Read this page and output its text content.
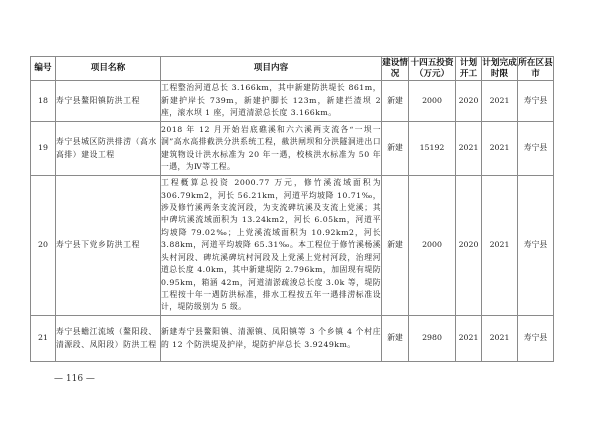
编号	项目名称	项目内容	建设情况	十四五投资（万元）	计划开工	计划完成时限	所在区县市
18	寿宁县鳌阳镇防洪工程	工程整治河道总长 3.166km，其中新建防洪堤长 861m，新建护岸长 739m，新建护脚长 123m，新建拦渣坝 2 座，滚水坝 1 座，河道清淤总长度 3.166km。	新建	2000	2020	2021	寿宁县
19	寿宁县城区防洪排涝（高水高排）建设工程	2018 年 12 月开始岩底礁溪和六六溪两支流各“一坝一洞”高水高排截洪分洪系统工程，截洪闸坝和分洪隧洞进出口建筑物设计洪水标准为 20 年一遇，校核洪水标准为 50 年一遇，为Ⅳ等工程。	新建	15192	2021	2021	寿宁县
20	寿宁县下党乡防洪工程	工程概算总投资 2000.77 万元，修竹溪流域面积为 306.79km2，河长 56.21km，河道平均坡降 10.71‰，涉及修竹溪两条支流河段，为支流碑坑溪及支流上党溪；其中碑坑溪流域面积为 13.24km2，河长 6.05km，河道平均坡降 79.02‰；上党溪流域面积为 10.92km2，河长 3.88km，河道平均坡降 65.31‰。本工程位于修竹溪杨溪头村河段、碑坑溪碑坑村河段及上党溪上党村河段，治理河道总长度 4.0km，其中新建堤防 2.796km，加固现有堤防 0.95km，箱涵 42m，河道清淤疏浚总长度 3.0k 等，堤防工程按十年一遇防洪标准，排水工程按五年一遇排涝标准设计，堤防级别为 5 级。	新建	2000	2020	2021	寿宁县
21	寿宁县蟾江流域（鳌阳段、清源段、凤阳段）防洪工程	新建寿宁县鳌阳镇、清源镇、凤阳镇等 3 个乡镇 4 个村庄的 12 个防洪堤及护岸，堤防护岸总长 3.9249km。	新建	2980	2021	2021	寿宁县
— 116 —
